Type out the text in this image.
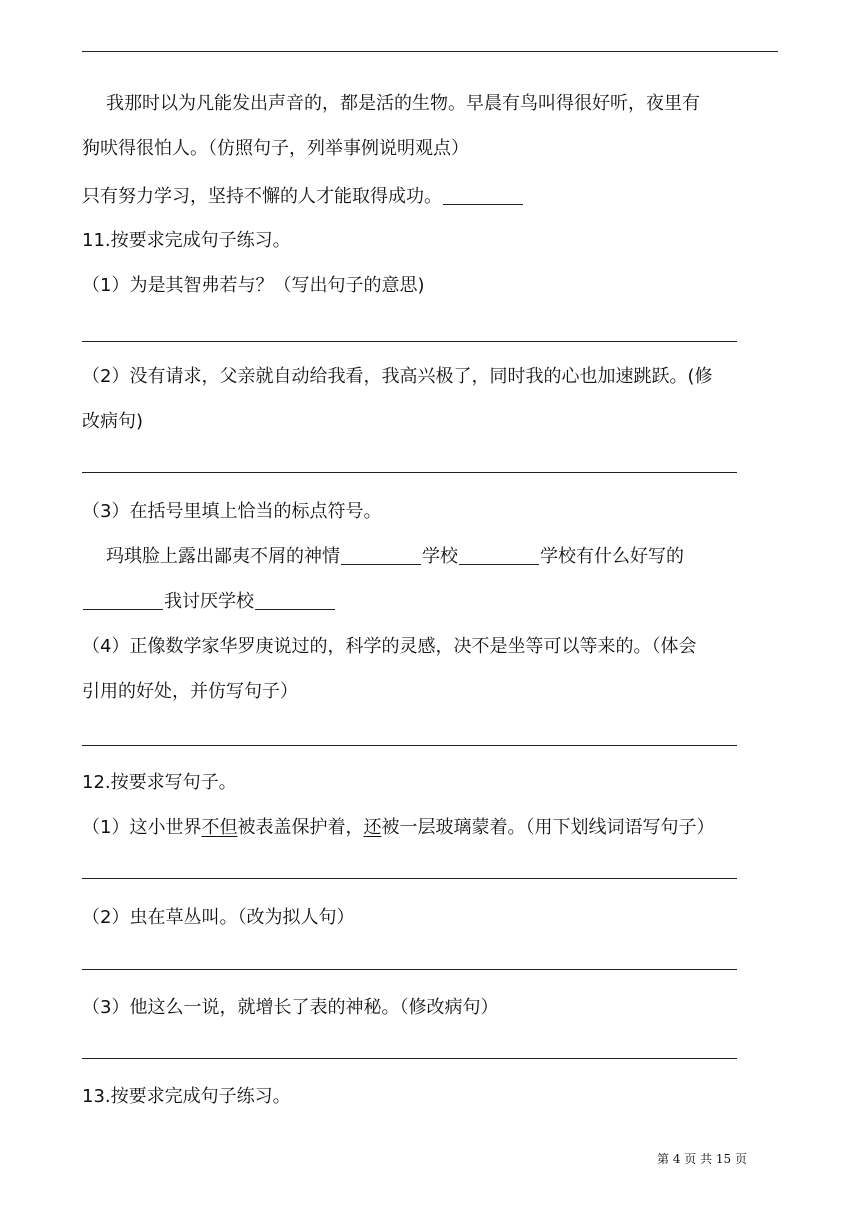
我那时以为凡能发出声音的，都是活的生物。早晨有鸟叫得很好听，夜里有
狗吠得很怕人。（仿照句子，列举事例说明观点）
只有努力学习，坚持不懈的人才能取得成功。
11.按要求完成句子练习。
（1）为是其智弗若与？（写出句子的意思)
（2）没有请求，父亲就自动给我看，我高兴极了，同时我的心也加速跳跃。(修
改病句)
（3）在括号里填上恰当的标点符号。
玛琪脸上露出鄙夷不屑的神情	学校	学校有什么好写的
我讨厌学校
（4）正像数学家华罗庚说过的，科学的灵感，决不是坐等可以等来的。（体会
引用的好处，并仿写句子）
12.按要求写句子。
（1）这小世界不但被表盖保护着，还被一层玻璃蒙着。（用下划线词语写句子）
（2）虫在草丛叫。（改为拟人句）
（3）他这么一说，就增长了表的神秘。（修改病句）
13.按要求完成句子练习。
第 4 页 共 15 页
